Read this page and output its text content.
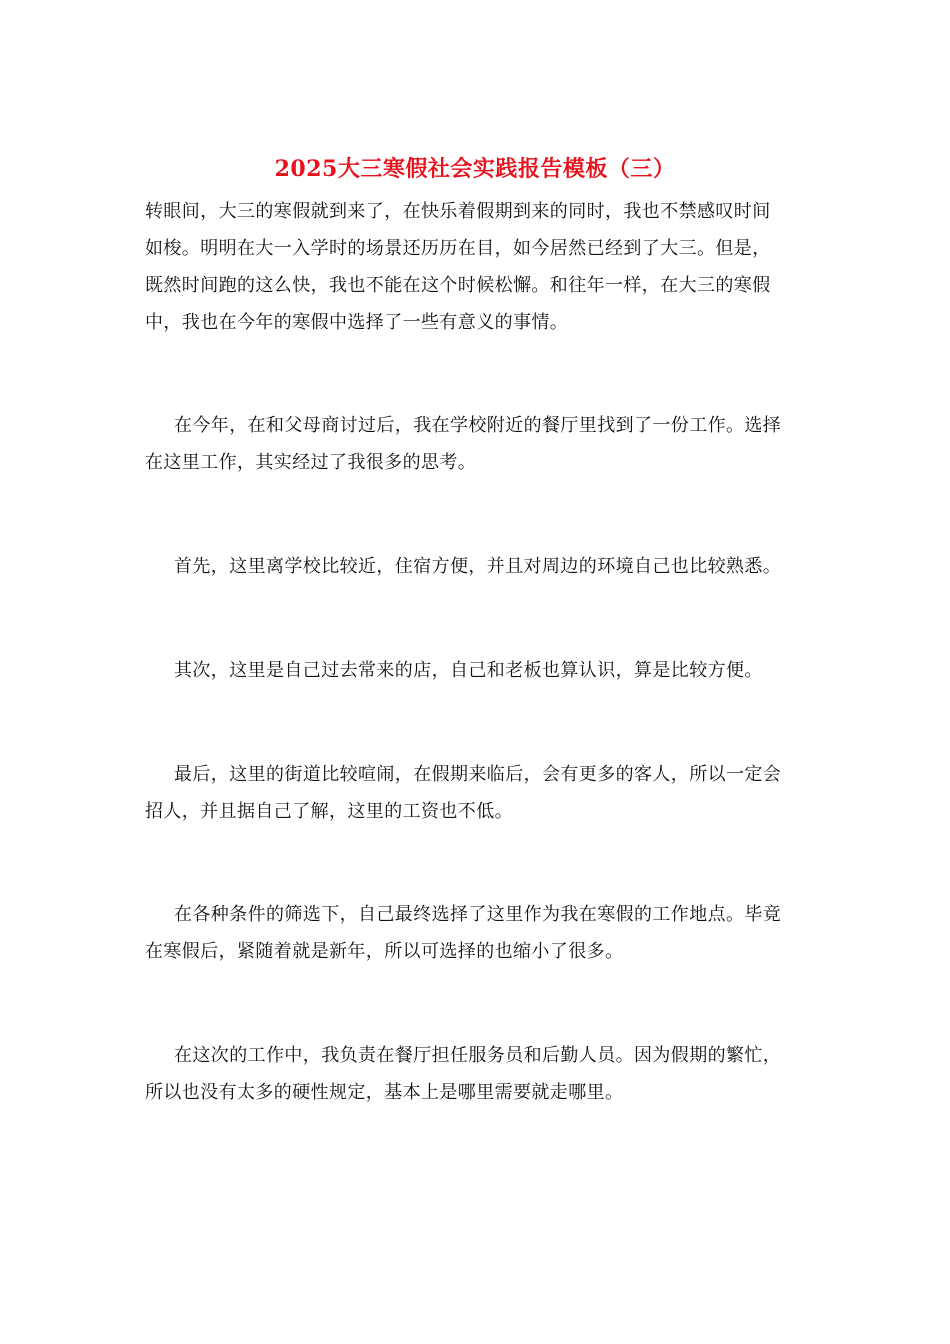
2025大三寒假社会实践报告模板（三）

转眼间，大三的寒假就到来了，在快乐着假期到来的同时，我也不禁感叹时间
如梭。明明在大一入学时的场景还历历在目，如今居然已经到了大三。但是，
既然时间跑的这么快，我也不能在这个时候松懈。和往年一样，在大三的寒假
中，我也在今年的寒假中选择了一些有意义的事情。

在今年，在和父母商讨过后，我在学校附近的餐厅里找到了一份工作。选择
在这里工作，其实经过了我很多的思考。

首先，这里离学校比较近，住宿方便，并且对周边的环境自己也比较熟悉。

其次，这里是自己过去常来的店，自己和老板也算认识，算是比较方便。

最后，这里的街道比较喧闹，在假期来临后，会有更多的客人，所以一定会
招人，并且据自己了解，这里的工资也不低。

在各种条件的筛选下，自己最终选择了这里作为我在寒假的工作地点。毕竟
在寒假后，紧随着就是新年，所以可选择的也缩小了很多。

在这次的工作中，我负责在餐厅担任服务员和后勤人员。因为假期的繁忙，
所以也没有太多的硬性规定，基本上是哪里需要就走哪里。
